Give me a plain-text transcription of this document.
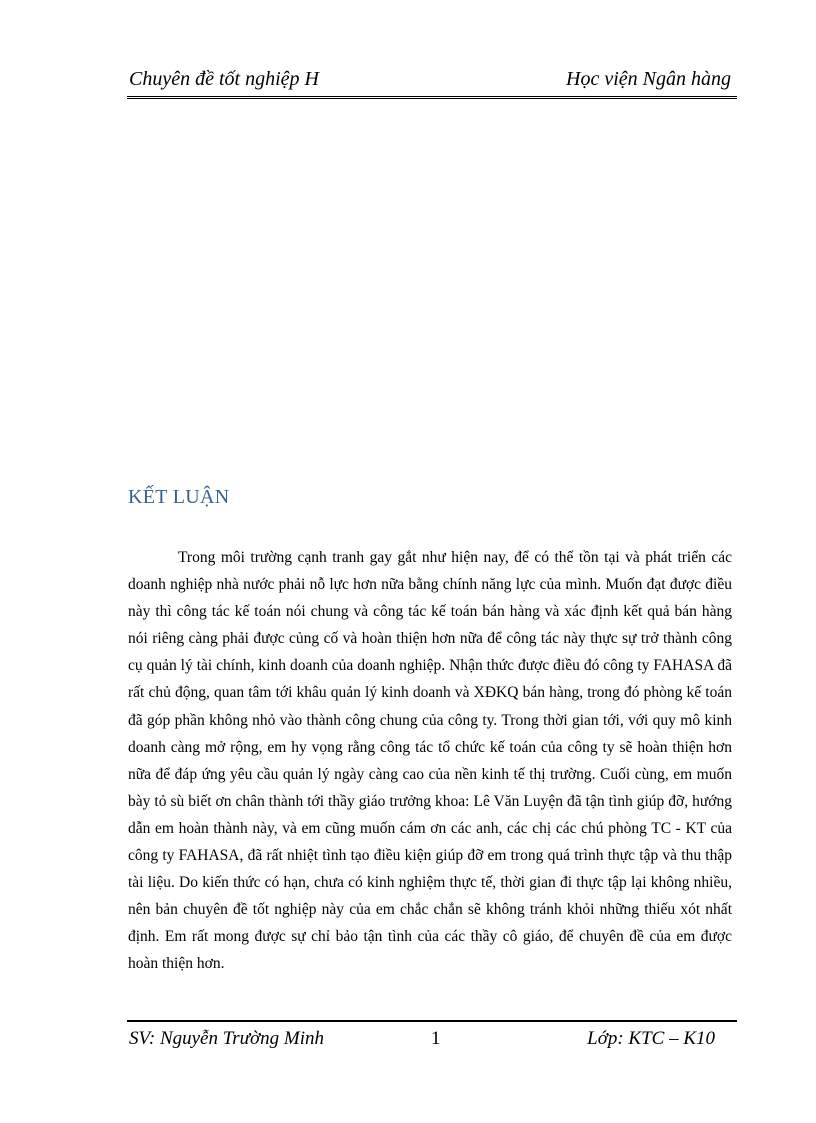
Chuyên đề tốt nghiệp H	Học viện Ngân hàng
KẾT LUẬN

Trong môi trường cạnh tranh gay gắt như hiện nay, để có thể tồn tại và phát triển các doanh nghiệp nhà nước phải nỗ lực hơn nữa bằng chính năng lực của mình. Muốn đạt được điều này thì công tác kế toán nói chung và công tác kế toán bán hàng và xác định kết quả bán hàng nói riêng càng phải được củng cố và hoàn thiện hơn nữa để công tác này thực sự trở thành công cụ quản lý tài chính, kinh doanh của doanh nghiệp. Nhận thức được điều đó công ty FAHASA đã rất chủ động, quan tâm tới khâu quản lý kinh doanh và XĐKQ bán hàng, trong đó phòng kế toán đã góp phần không nhỏ vào thành công chung của công ty. Trong thời gian tới, với quy mô kinh doanh càng mở rộng, em hy vọng rằng công tác tổ chức kế toán của công ty sẽ hoàn thiện hơn nữa để đáp ứng yêu cầu quản lý ngày càng cao của nền kinh tế thị trường. Cuối cùng, em muốn bày tỏ sù biết ơn chân thành tới thầy giáo trưởng khoa: Lê Văn Luyện đã tận tình giúp đỡ, hướng dẫn em hoàn thành này, và em cũng muốn cám ơn các anh, các chị các chú phòng TC - KT của công ty FAHASA, đã rất nhiệt tình tạo điều kiện giúp đỡ em trong quá trình thực tập và thu thập tài liệu. Do kiến thức có hạn, chưa có kinh nghiệm thực tế, thời gian đi thực tập lại không nhiều, nên bản chuyên đề tốt nghiệp này của em chắc chắn sẽ không tránh khỏi những thiếu xót nhất định. Em rất mong được sự chỉ bảo tận tình của các thầy cô giáo, để chuyên đề của em được hoàn thiện hơn.

SV: Nguyễn Trường Minh	1	Lớp: KTC – K10
